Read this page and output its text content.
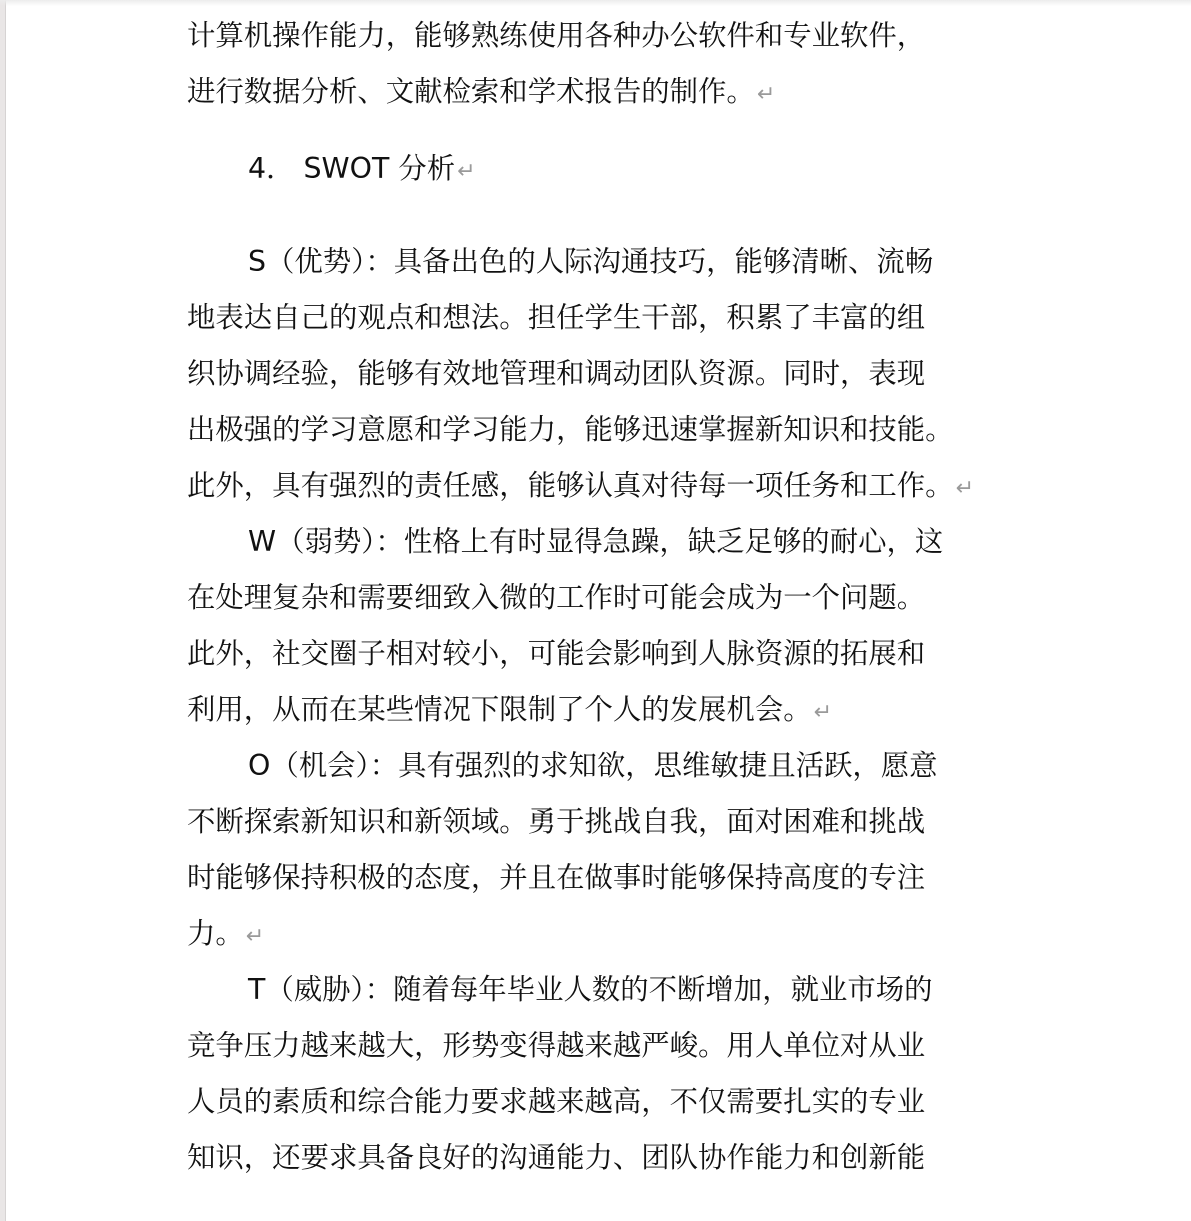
计算机操作能力，能够熟练使用各种办公软件和专业软件，
进行数据分析、文献检索和学术报告的制作。↵
4． SWOT 分析↵
S（优势）：具备出色的人际沟通技巧，能够清晰、流畅
地表达自己的观点和想法。担任学生干部，积累了丰富的组
织协调经验，能够有效地管理和调动团队资源。同时，表现
出极强的学习意愿和学习能力，能够迅速掌握新知识和技能。
此外，具有强烈的责任感，能够认真对待每一项任务和工作。↵
W（弱势）：性格上有时显得急躁，缺乏足够的耐心，这
在处理复杂和需要细致入微的工作时可能会成为一个问题。
此外，社交圈子相对较小，可能会影响到人脉资源的拓展和
利用，从而在某些情况下限制了个人的发展机会。↵
O（机会）：具有强烈的求知欲，思维敏捷且活跃，愿意
不断探索新知识和新领域。勇于挑战自我，面对困难和挑战
时能够保持积极的态度，并且在做事时能够保持高度的专注
力。↵
T（威胁）：随着每年毕业人数的不断增加，就业市场的
竞争压力越来越大，形势变得越来越严峻。用人单位对从业
人员的素质和综合能力要求越来越高，不仅需要扎实的专业
知识，还要求具备良好的沟通能力、团队协作能力和创新能
